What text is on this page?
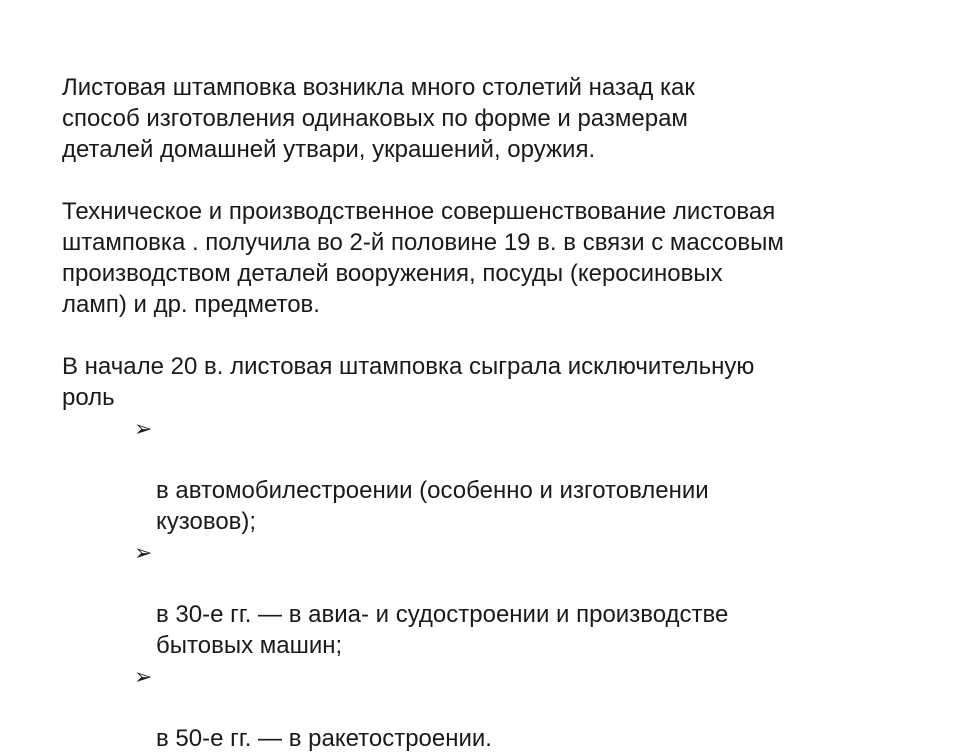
Листовая штамповка возникла много столетий назад как
способ изготовления одинаковых по форме и размерам
деталей домашней утвари, украшений, оружия.

Техническое и производственное совершенствование листовая
штамповка . получила во 2-й половине 19 в. в связи с массовым
производством деталей вооружения, посуды (керосиновых
ламп) и др. предметов.

В начале 20 в. листовая штамповка сыграла исключительную
роль

➢

в автомобилестроении (особенно и изготовлении
кузовов);

➢

в 30-е гг. — в авиа- и судостроении и производстве
бытовых машин;

➢

в 50-е гг. — в ракетостроении.
